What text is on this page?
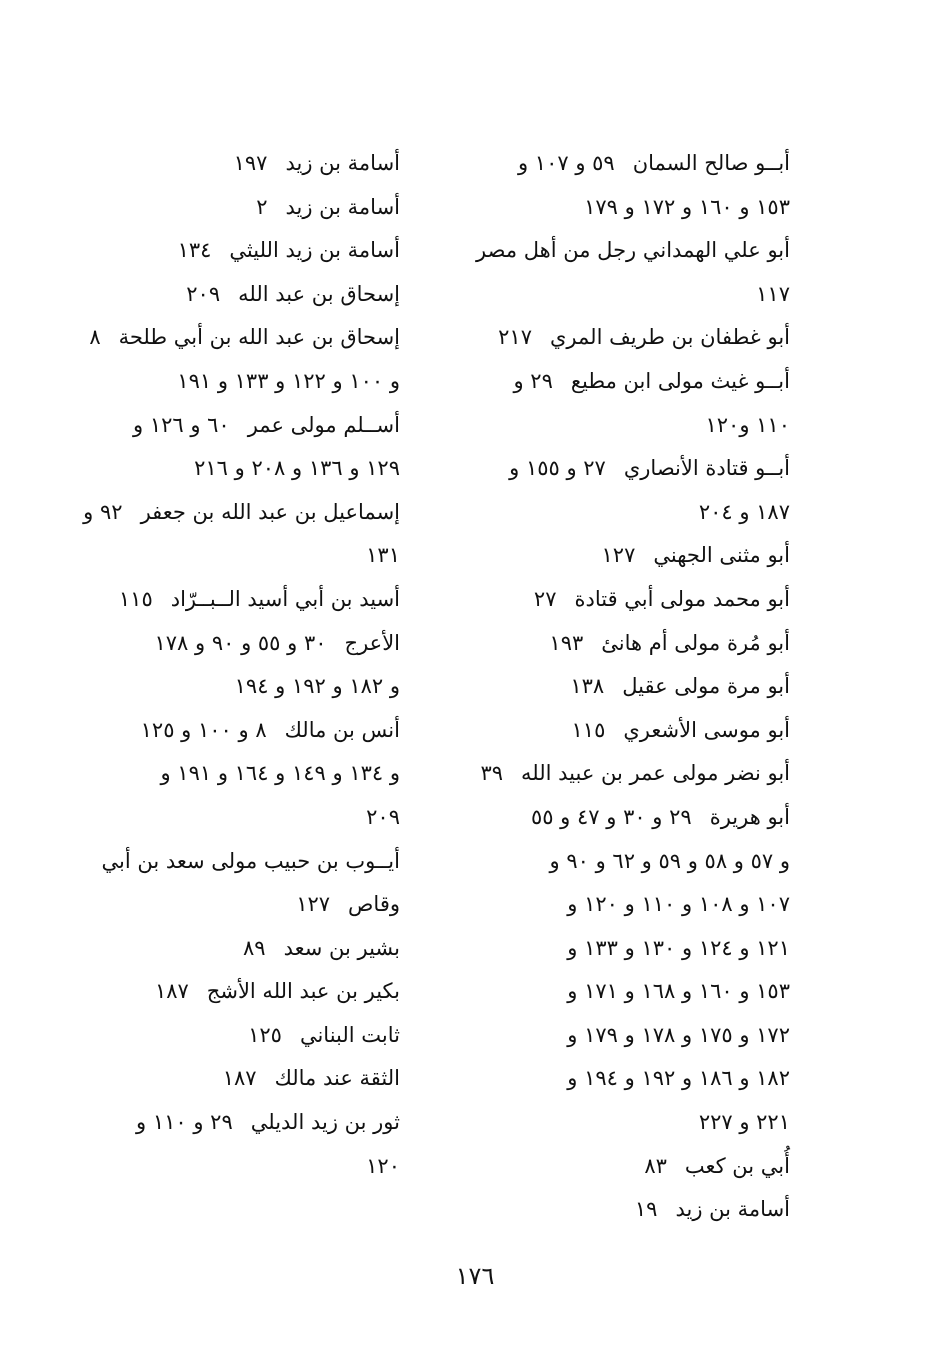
أبــو صالح السمان٥٩ و ١٠٧ و
١٥٣ و ١٦٠ و ١٧٢ و ١٧٩
أبو علي الهمداني رجل من أهل مصر
١١٧
أبو غطفان بن طريف المري٢١٧
أبــو غيث مولى ابن مطيع٢٩ و
١١٠ و١٢٠
أبــو قتادة الأنصاري٢٧ و ١٥٥ و
١٨٧ و ٢٠٤
أبو مثنى الجهني١٢٧
أبو محمد مولى أبي قتادة٢٧
أبو مُرة مولى أم هانئ١٩٣
أبو مرة مولى عقيل١٣٨
أبو موسى الأشعري١١٥
أبو نضر مولى عمر بن عبيد الله٣٩
أبو هريرة٢٩ و ٣٠ و ٤٧ و ٥٥
و ٥٧ و ٥٨ و ٥٩ و ٦٢ و ٩٠ و
١٠٧ و ١٠٨ و ١١٠ و ١٢٠ و
١٢١ و ١٢٤ و ١٣٠ و ١٣٣ و
١٥٣ و ١٦٠ و ١٦٨ و ١٧١ و
١٧٢ و ١٧٥ و ١٧٨ و ١٧٩ و
١٨٢ و ١٨٦ و ١٩٢ و ١٩٤ و
٢٢١ و ٢٢٧
أُبي بن كعب٨٣
أسامة بن زيد١٩
أسامة بن زيد١٩٧
أسامة بن زيد٢
أسامة بن زيد الليثي١٣٤
إسحاق بن عبد الله٢٠٩
إسحاق بن عبد الله بن أبي طلحة٨
و ١٠٠ و ١٢٢ و ١٣٣ و ١٩١
أســلم مولى عمر٦٠ و ١٢٦ و
١٢٩ و ١٣٦ و ٢٠٨ و ٢١٦
إسماعيل بن عبد الله بن جعفر٩٢ و
١٣١
أسيد بن أبي أسيد الــبــرّاد١١٥
الأعرج٣٠ و ٥٥ و ٩٠ و ١٧٨
و ١٨٢ و ١٩٢ و ١٩٤
أنس بن مالك٨ و ١٠٠ و ١٢٥
و ١٣٤ و ١٤٩ و ١٦٤ و ١٩١ و
٢٠٩
أيــوب بن حبيب مولى سعد بن أبي
وقاص١٢٧
بشير بن سعد٨٩
بكير بن عبد الله الأشج١٨٧
ثابت البناني١٢٥
الثقة عند مالك١٨٧
ثور بن زيد الديلي٢٩ و ١١٠ و
١٢٠
١٧٦
